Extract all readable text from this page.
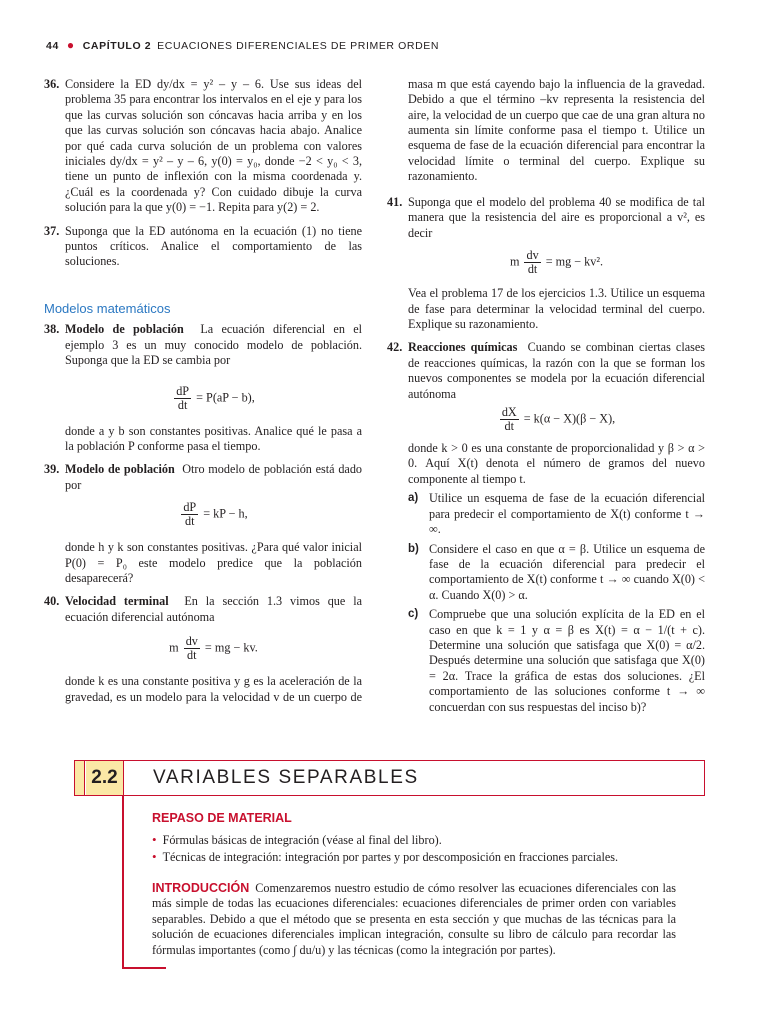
44 ● CAPÍTULO 2 ECUACIONES DIFERENCIALES DE PRIMER ORDEN
36. Considere la ED dy/dx = y² – y – 6. Use sus ideas del problema 35 para encontrar los intervalos en el eje y para los que las curvas solución son cóncavas hacia arriba y en los que las curvas solución son cóncavas hacia abajo. Analice por qué cada curva solución de un problema con valores iniciales dy/dx = y² – y – 6, y(0) = y₀, donde −2 < y₀ < 3, tiene un punto de inflexión con la misma coordenada y. ¿Cuál es la coordenada y? Con cuidado dibuje la curva solución para la que y(0) = −1. Repita para y(2) = 2.

37. Suponga que la ED autónoma en la ecuación (1) no tiene puntos críticos. Analice el comportamiento de las soluciones.

Modelos matemáticos
38. Modelo de población La ecuación diferencial en el ejemplo 3 es un muy conocido modelo de población. Suponga que la ED se cambia por

$\frac{dP}{dt} = P(aP - b)$,

donde a y b son constantes positivas. Analice qué le pasa a la población P conforme pasa el tiempo.

39. Modelo de población Otro modelo de población está dado por

$\frac{dP}{dt}$ = kP − h,

donde h y k son constantes positivas. ¿Para qué valor inicial P(0) = P₀ este modelo predice que la población desaparecerá?

40. Velocidad terminal En la sección 1.3 vimos que la ecuación diferencial autónoma

m $\frac{dv}{dt}$ = mg − kv.

donde k es una constante positiva y g es la aceleración de la gravedad, es un modelo para la velocidad v de un cuerpo de

masa m que está cayendo bajo la influencia de la gravedad. Debido a que el término –kv representa la resistencia del aire, la velocidad de un cuerpo que cae de una gran altura no aumenta sin límite conforme pasa el tiempo t. Utilice un esquema de fase de la ecuación diferencial para encontrar la velocidad límite o terminal del cuerpo. Explique su razonamiento.

41. Suponga que el modelo del problema 40 se modifica de tal manera que la resistencia del aire es proporcional a v², es decir

m $\frac{dv}{dt}$ = mg − kv².

Vea el problema 17 de los ejercicios 1.3. Utilice un esquema de fase para determinar la velocidad terminal del cuerpo. Explique su razonamiento.

42. Reacciones químicas Cuando se combinan ciertas clases de reacciones químicas, la razón con la que se forman los nuevos componentes se modela por la ecuación diferencial autónoma

$\frac{dX}{dt} = k(\alpha - X)(\beta - X)$,

donde k > 0 es una constante de proporcionalidad y β > α > 0. Aquí X(t) denota el número de gramos del nuevo componente al tiempo t.

a) Utilice un esquema de fase de la ecuación diferencial para predecir el comportamiento de X(t) conforme t → ∞.

b) Considere el caso en que α = β. Utilice un esquema de fase de la ecuación diferencial para predecir el comportamiento de X(t) conforme t → ∞ cuando X(0) < α. Cuando X(0) > α.

c) Compruebe que una solución explícita de la ED en el caso en que k = 1 y α = β es X(t) = α − 1/(t + c). Determine una solución que satisfaga que X(0) = α/2. Después determine una solución que satisfaga que X(0) = 2α. Trace la gráfica de estas dos soluciones. ¿El comportamiento de las soluciones conforme t → ∞ concuerdan con sus respuestas del inciso b)?

2.2	VARIABLES SEPARABLES
REPASO DE MATERIAL
• Fórmulas básicas de integración (véase al final del libro).
• Técnicas de integración: integración por partes y por descomposición en fracciones parciales.
INTRODUCCIÓN Comenzaremos nuestro estudio de cómo resolver las ecuaciones diferenciales con las más simple de todas las ecuaciones diferenciales: ecuaciones diferenciales de primer orden con variables separables. Debido a que el método que se presenta en esta sección y que muchas de las técnicas para la solución de ecuaciones diferenciales implican integración, consulte su libro de cálculo para recordar las fórmulas importantes (como ∫ du/u) y las técnicas (como la integración por partes).
